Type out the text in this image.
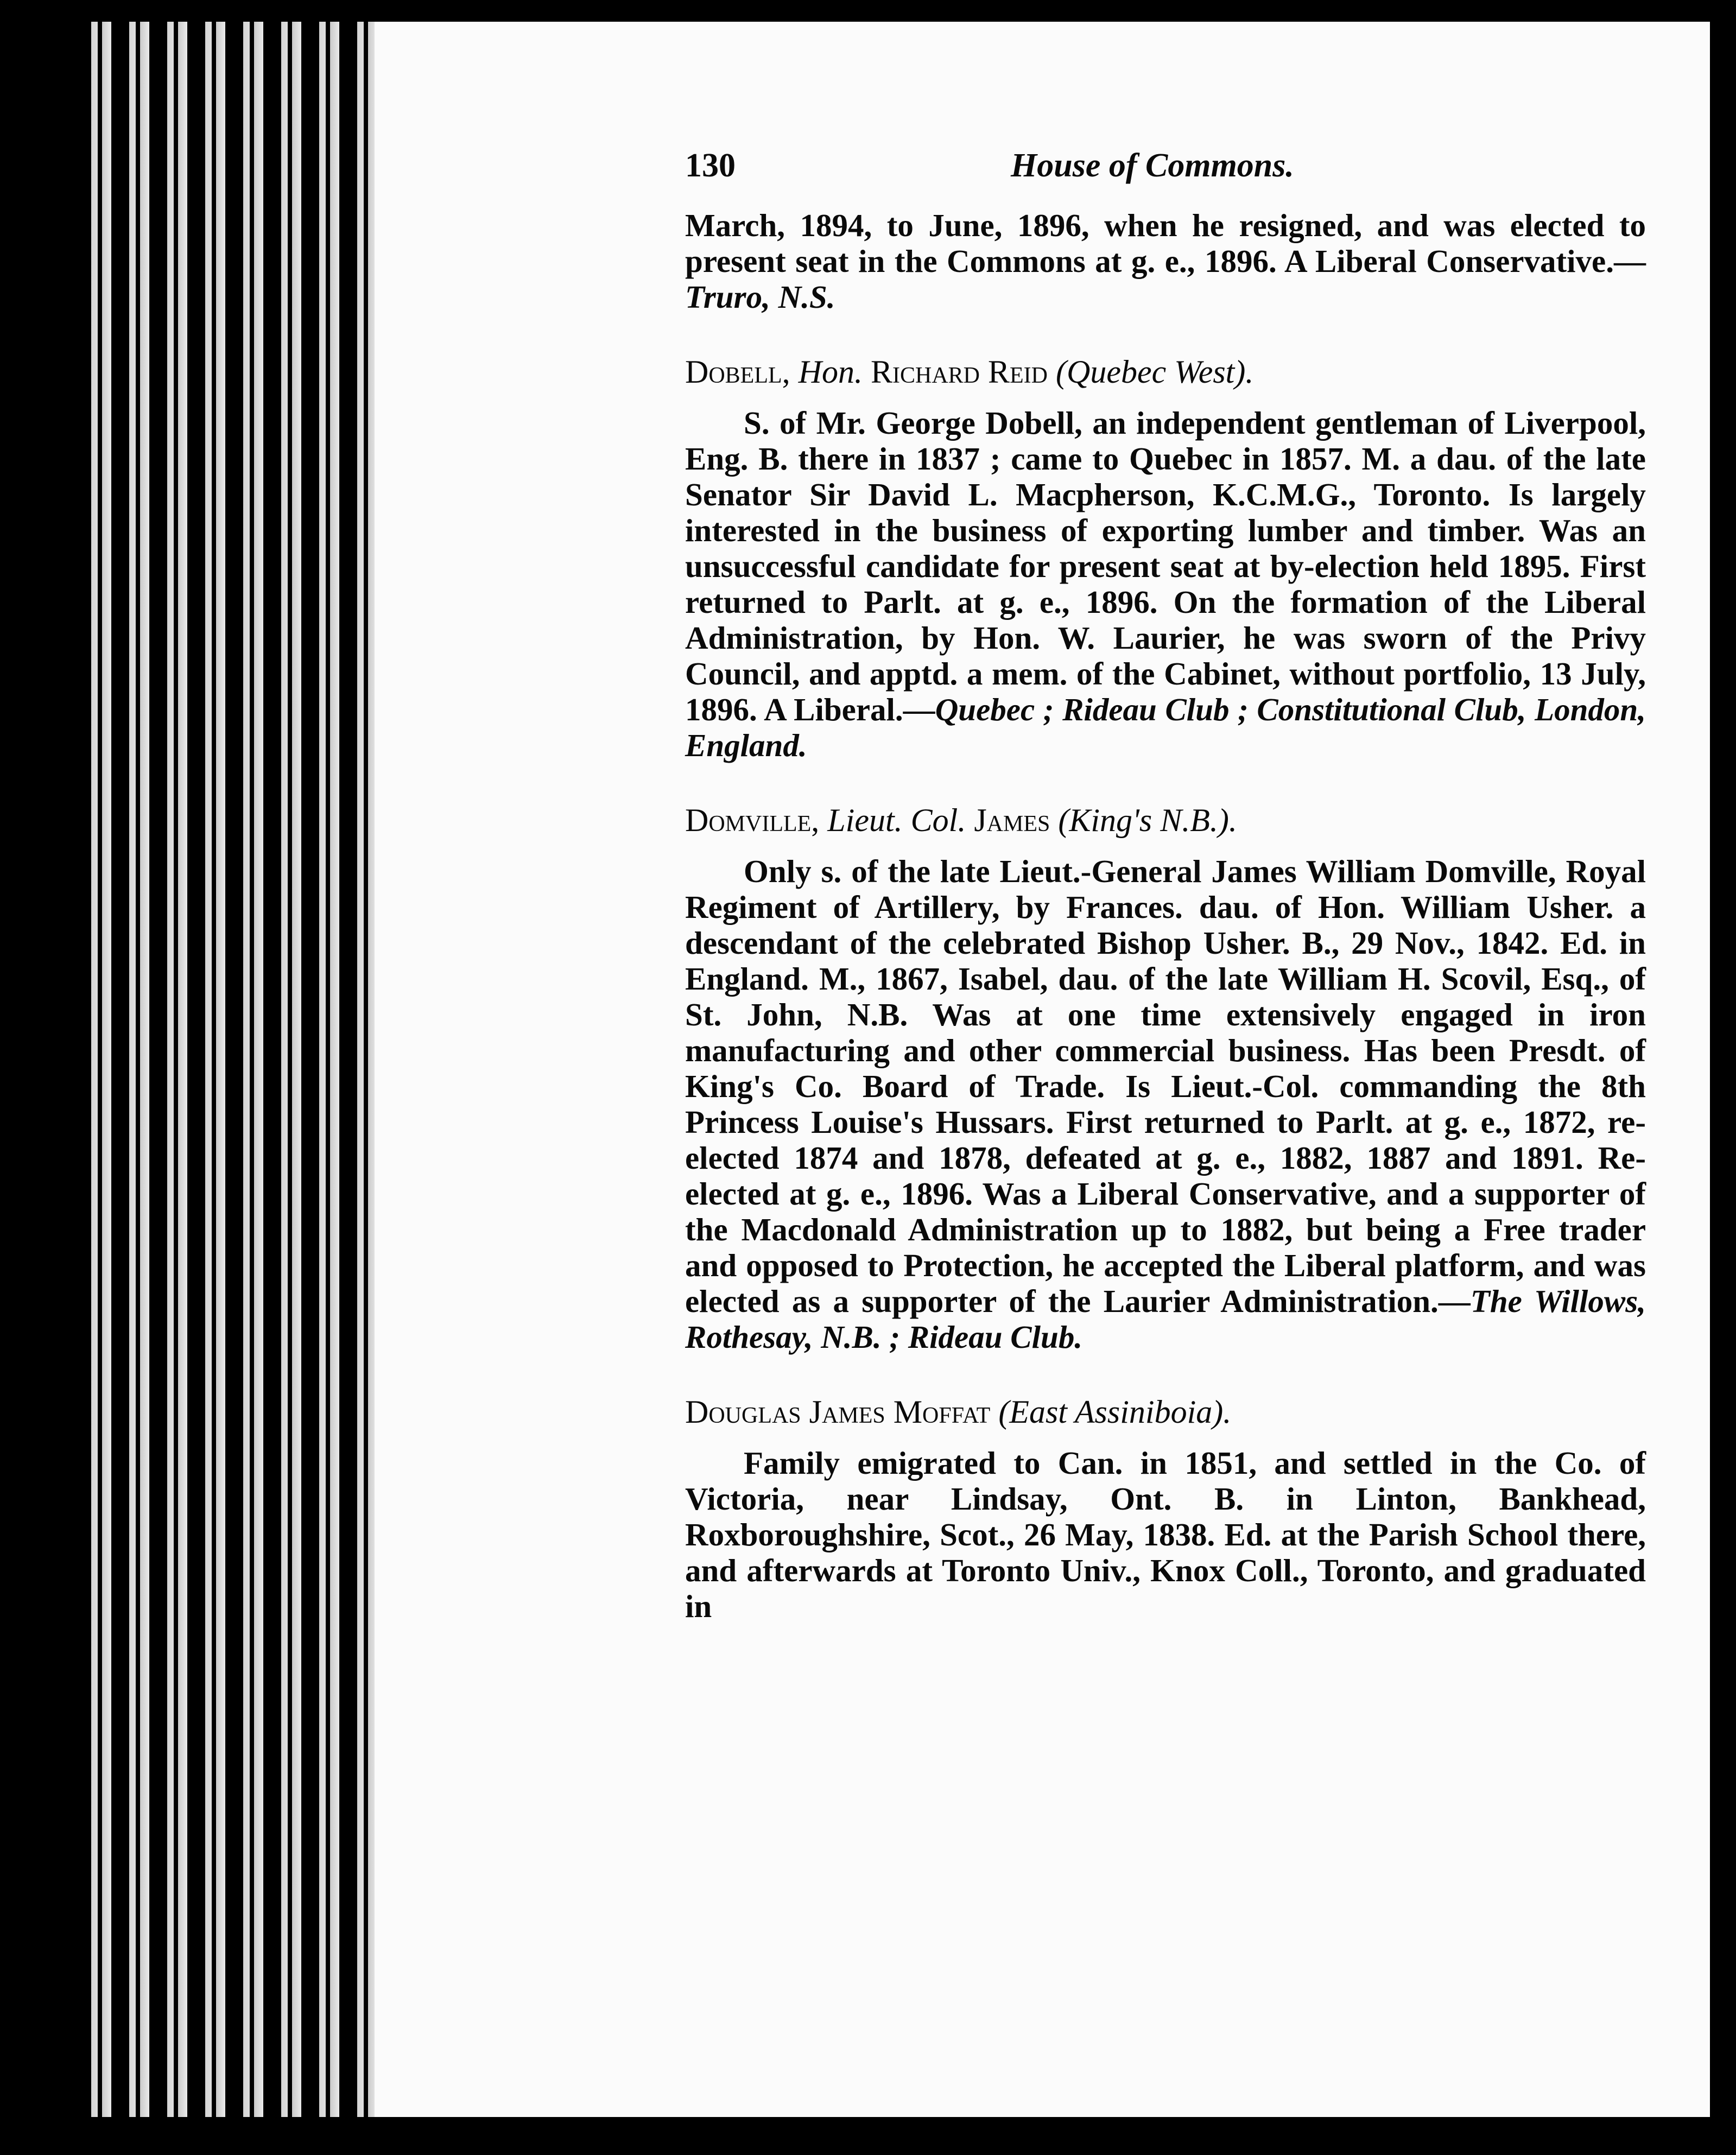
130	House of Commons.

March, 1894, to June, 1896, when he resigned, and was elected to present seat in the Commons at g. e., 1896. A Liberal Conservative.—Truro, N.S.

Dobell, Hon. Richard Reid (Quebec West).

S. of Mr. George Dobell, an independent gentleman of Liverpool, Eng. B. there in 1837 ; came to Quebec in 1857. M. a dau. of the late Senator Sir David L. Macpherson, K.C.M.G., Toronto. Is largely interested in the business of exporting lumber and timber. Was an unsuccessful candidate for present seat at by-election held 1895. First returned to Parlt. at g. e., 1896. On the formation of the Liberal Administration, by Hon. W. Laurier, he was sworn of the Privy Council, and apptd. a mem. of the Cabinet, without portfolio, 13 July, 1896. A Liberal.—Quebec ; Rideau Club ; Constitutional Club, London, England.

Domville, Lieut. Col. James (King's N.B.).

Only s. of the late Lieut.-General James William Domville, Royal Regiment of Artillery, by Frances. dau. of Hon. William Usher. a descendant of the celebrated Bishop Usher. B., 29 Nov., 1842. Ed. in England. M., 1867, Isabel, dau. of the late William H. Scovil, Esq., of St. John, N.B. Was at one time extensively engaged in iron manufacturing and other commercial business. Has been Presdt. of King's Co. Board of Trade. Is Lieut.-Col. commanding the 8th Princess Louise's Hussars. First returned to Parlt. at g. e., 1872, re-elected 1874 and 1878, defeated at g. e., 1882, 1887 and 1891. Re-elected at g. e., 1896. Was a Liberal Conservative, and a supporter of the Macdonald Administration up to 1882, but being a Free trader and opposed to Protection, he accepted the Liberal platform, and was elected as a supporter of the Laurier Administration.—The Willows, Rothesay, N.B. ; Rideau Club.

Douglas James Moffat (East Assiniboia).

Family emigrated to Can. in 1851, and settled in the Co. of Victoria, near Lindsay, Ont. B. in Linton, Bankhead, Roxboroughshire, Scot., 26 May, 1838. Ed. at the Parish School there, and afterwards at Toronto Univ., Knox Coll., Toronto, and graduated in
